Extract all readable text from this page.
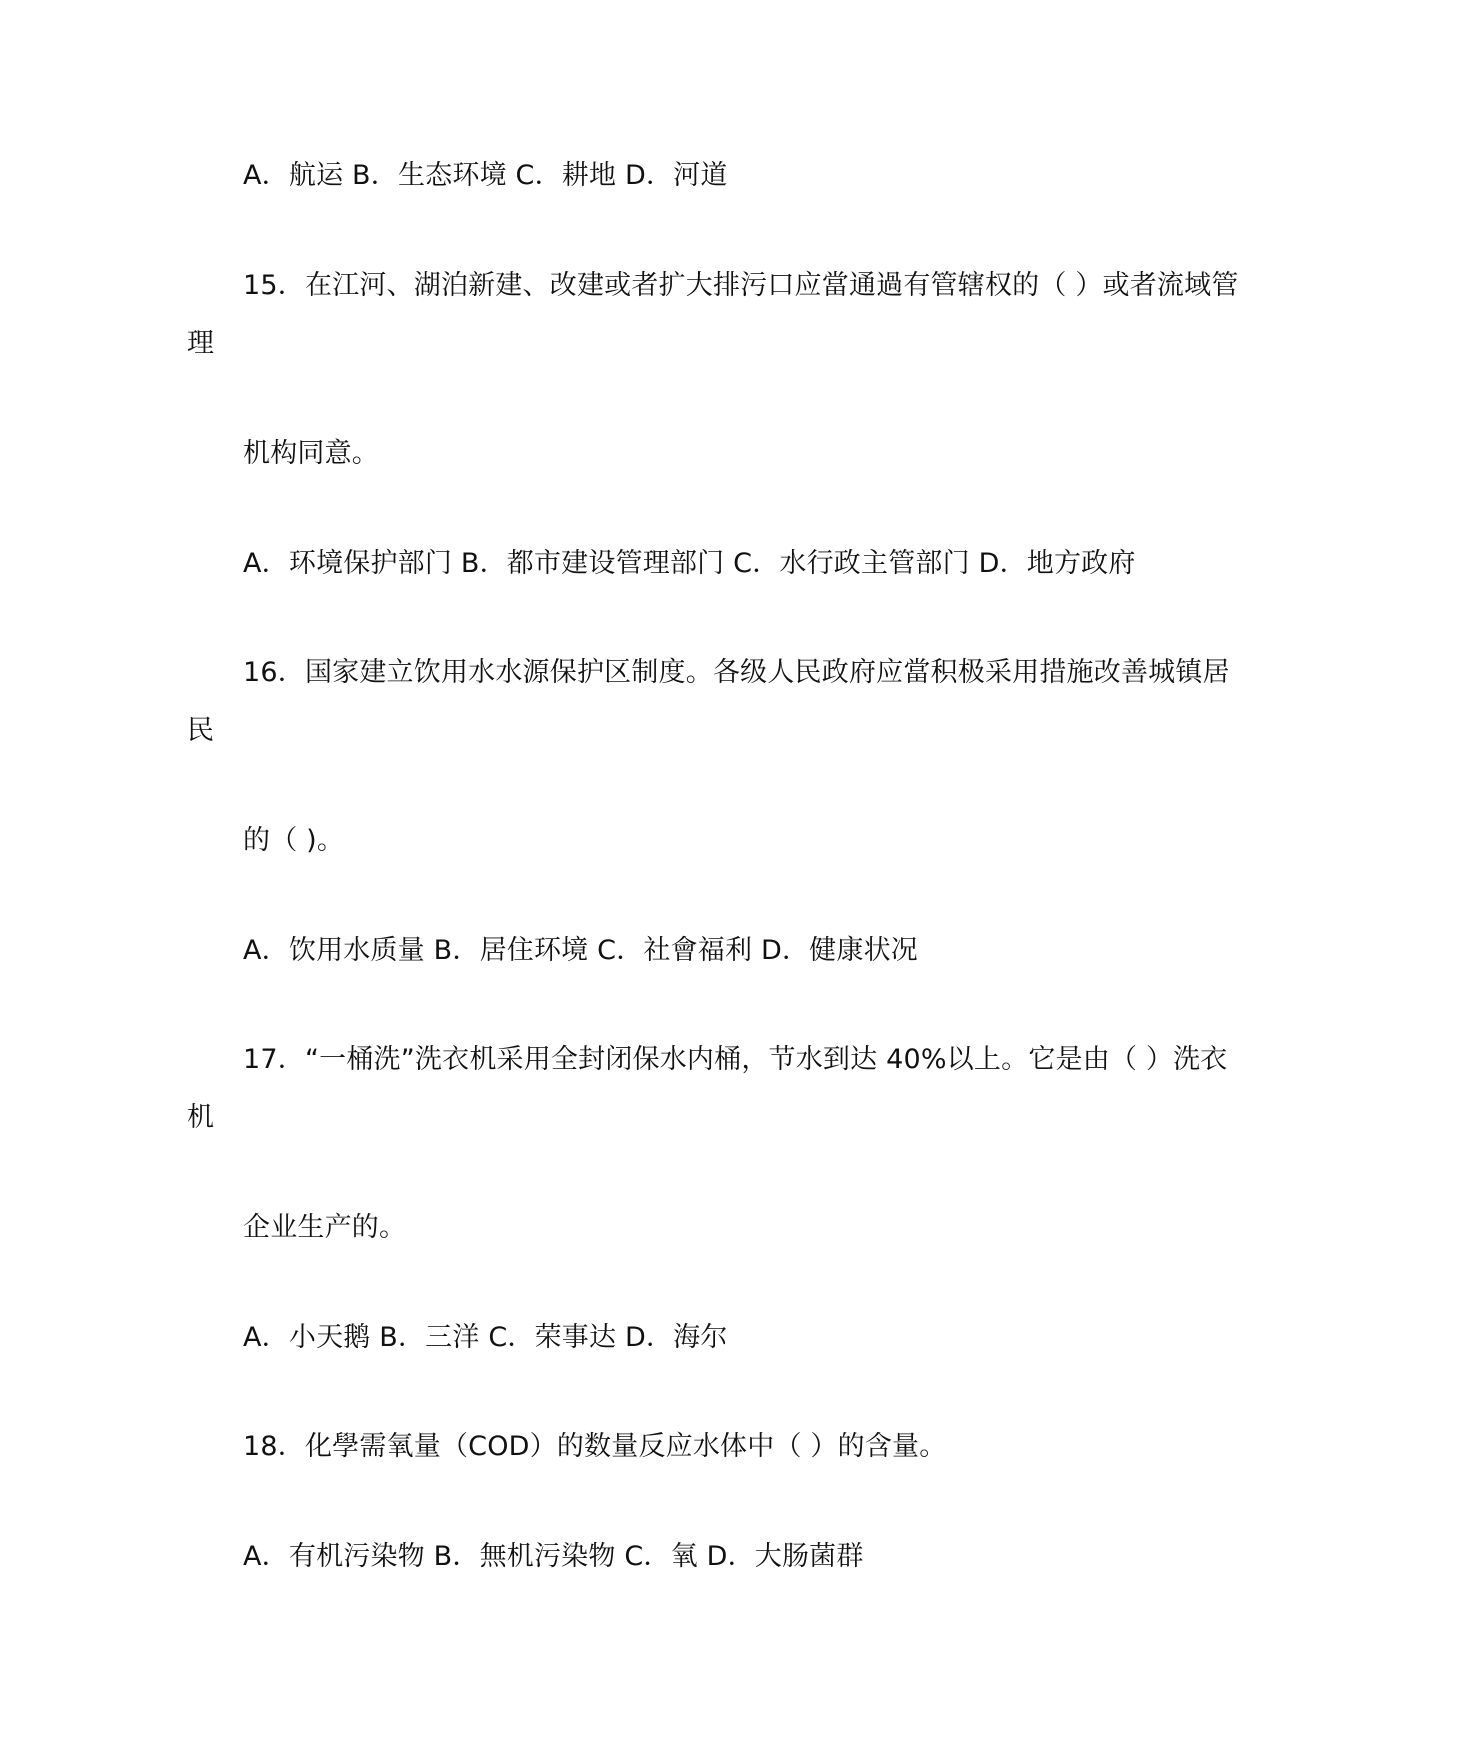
A．航运 B．生态环境 C．耕地 D．河道
15．在江河、湖泊新建、改建或者扩大排污口应當通過有管辖权的（ ）或者流域管
理
机构同意。
A．环境保护部门 B．都市建设管理部门 C．水行政主管部门 D．地方政府
16．国家建立饮用水水源保护区制度。各级人民政府应當积极采用措施改善城镇居
民
的（ )。
A．饮用水质量 B．居住环境 C．社會福利 D．健康状况
17．“一桶洗”洗衣机采用全封闭保水内桶，节水到达 40%以上。它是由（ ）洗衣
机
企业生产的。
A．小天鹅 B．三洋 C．荣事达 D．海尔
18．化學需氧量（COD）的数量反应水体中（ ）的含量。
A．有机污染物 B．無机污染物 C．氧 D．大肠菌群
